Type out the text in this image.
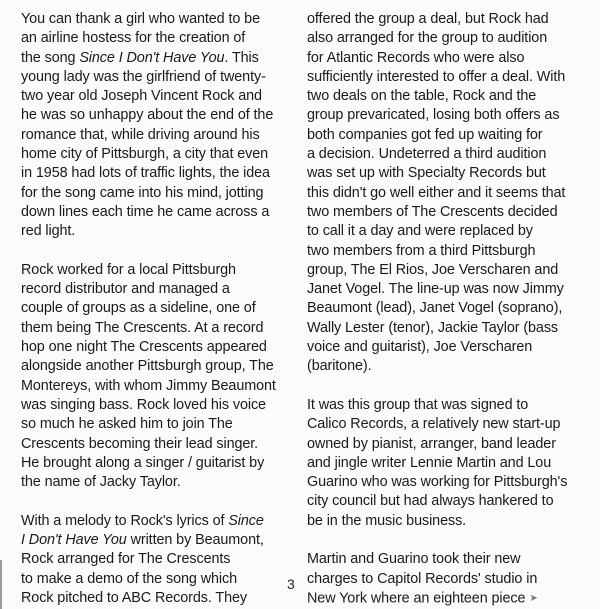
You can thank a girl who wanted to be
an airline hostess for the creation of
the song Since I Don't Have You. This
young lady was the girlfriend of twenty-
two year old Joseph Vincent Rock and
he was so unhappy about the end of the
romance that, while driving around his
home city of Pittsburgh, a city that even
in 1958 had lots of traffic lights, the idea
for the song came into his mind, jotting
down lines each time he came across a
red light.
Rock worked for a local Pittsburgh
record distributor and managed a
couple of groups as a sideline, one of
them being The Crescents. At a record
hop one night The Crescents appeared
alongside another Pittsburgh group, The
Montereys, with whom Jimmy Beaumont
was singing bass. Rock loved his voice
so much he asked him to join The
Crescents becoming their lead singer.
He brought along a singer / guitarist by
the name of Jacky Taylor.
With a melody to Rock's lyrics of Since
I Don't Have You written by Beaumont,
Rock arranged for The Crescents
to make a demo of the song which
Rock pitched to ABC Records. They
offered the group a deal, but Rock had
also arranged for the group to audition
for Atlantic Records who were also
sufficiently interested to offer a deal. With
two deals on the table, Rock and the
group prevaricated, losing both offers as
both companies got fed up waiting for
a decision. Undeterred a third audition
was set up with Specialty Records but
this didn't go well either and it seems that
two members of The Crescents decided
to call it a day and were replaced by
two members from a third Pittsburgh
group, The El Rios, Joe Verscharen and
Janet Vogel. The line-up was now Jimmy
Beaumont (lead), Janet Vogel (soprano),
Wally Lester (tenor), Jackie Taylor (bass
voice and guitarist), Joe Verscharen
(baritone).
It was this group that was signed to
Calico Records, a relatively new start-up
owned by pianist, arranger, band leader
and jingle writer Lennie Martin and Lou
Guarino who was working for Pittsburgh's
city council but had always hankered to
be in the music business.
Martin and Guarino took their new
charges to Capitol Records' studio in
New York where an eighteen piece ➤
3
